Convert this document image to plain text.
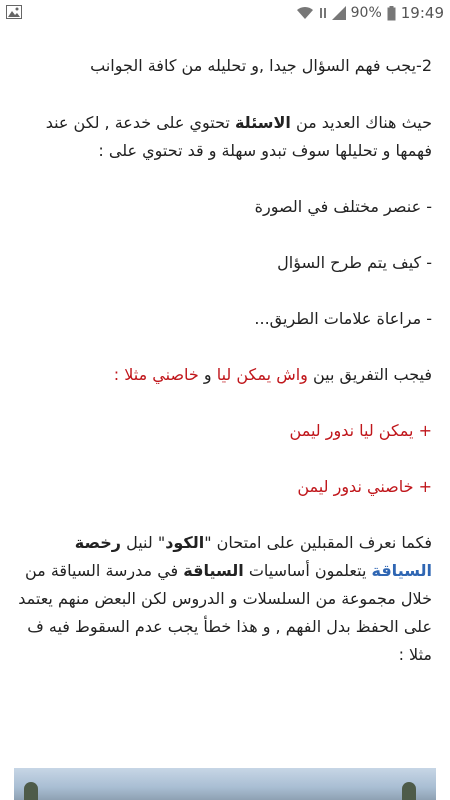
90% 19:49

2-يجب فهم السؤال جيدا ,و تحليله من كافة الجوانب

حيث هناك العديد من الاسئلة تحتوي على خدعة , لكن عند فهمها و تحليلها سوف تبدو سهلة و قد تحتوي على :

- عنصر مختلف في الصورة

- كيف يتم طرح السؤال

- مراعاة علامات الطريق...

فيجب التفريق بين واش يمكن ليا و خاصني مثلا :

+ يمكن ليا ندور ليمن

+ خاصني ندور ليمن

فكما نعرف المقبلين على امتحان "الكود" لنيل رخصة السياقة يتعلمون أساسيات السياقة في مدرسة السياقة من خلال مجموعة من السلسلات و الدروس لكن البعض منهم يعتمد على الحفظ بدل الفهم , و هذا خطأ يجب عدم السقوط فيه ف مثلا :
